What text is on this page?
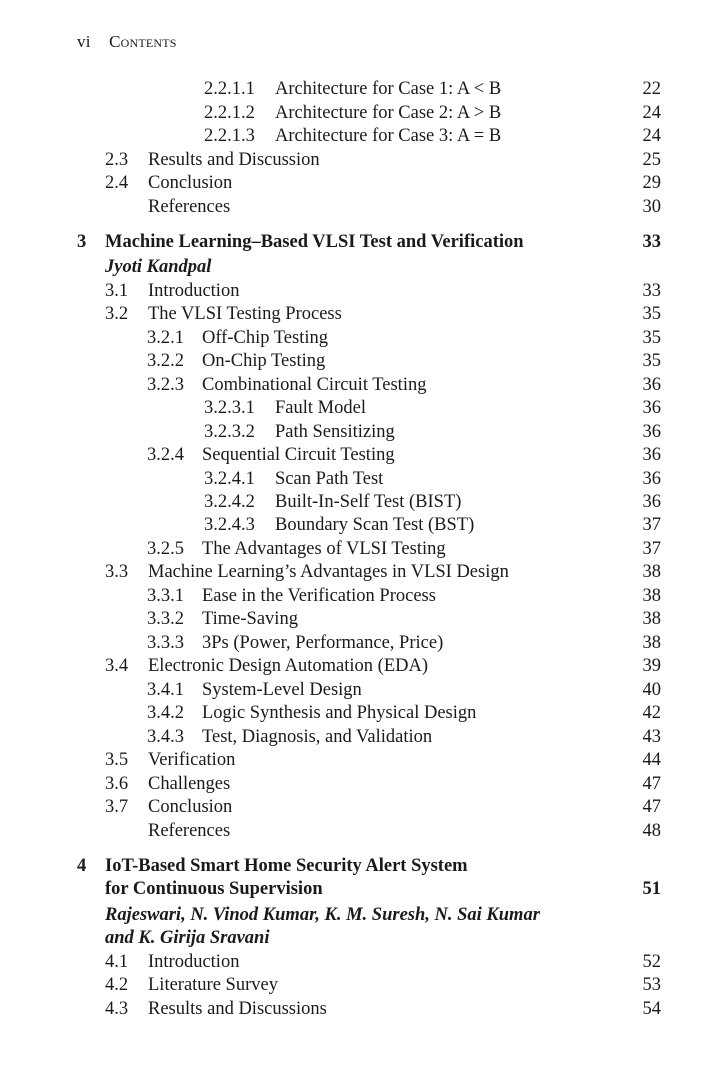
vi Contents
2.2.1.1 Architecture for Case 1: A < B	22
2.2.1.2 Architecture for Case 2: A > B	24
2.2.1.3 Architecture for Case 3: A = B	24
2.3 Results and Discussion	25
2.4 Conclusion	29
References	30
3 Machine Learning–Based VLSI Test and Verification	33
Jyoti Kandpal
3.1 Introduction	33
3.2 The VLSI Testing Process	35
3.2.1 Off-Chip Testing	35
3.2.2 On-Chip Testing	35
3.2.3 Combinational Circuit Testing	36
3.2.3.1 Fault Model	36
3.2.3.2 Path Sensitizing	36
3.2.4 Sequential Circuit Testing	36
3.2.4.1 Scan Path Test	36
3.2.4.2 Built-In-Self Test (BIST)	36
3.2.4.3 Boundary Scan Test (BST)	37
3.2.5 The Advantages of VLSI Testing	37
3.3 Machine Learning’s Advantages in VLSI Design	38
3.3.1 Ease in the Verification Process	38
3.3.2 Time-Saving	38
3.3.3 3Ps (Power, Performance, Price)	38
3.4 Electronic Design Automation (EDA)	39
3.4.1 System-Level Design	40
3.4.2 Logic Synthesis and Physical Design	42
3.4.3 Test, Diagnosis, and Validation	43
3.5 Verification	44
3.6 Challenges	47
3.7 Conclusion	47
References	48
4 IoT-Based Smart Home Security Alert System
for Continuous Supervision	51
Rajeswari, N. Vinod Kumar, K. M. Suresh, N. Sai Kumar
and K. Girija Sravani
4.1 Introduction	52
4.2 Literature Survey	53
4.3 Results and Discussions	54
